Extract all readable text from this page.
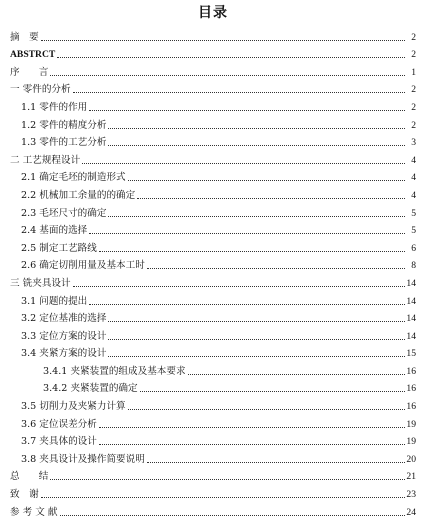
目录
摘　要	2
ABSTRCT	2
序　　言	1
一 零件的分析	2
1.1 零件的作用	2
1.2 零件的精度分析	2
1.3 零件的工艺分析	3
二 工艺规程设计	4
2.1 确定毛坯的制造形式	4
2.2 机械加工余量的的确定	4
2.3 毛坯尺寸的确定	5
2.4 基面的选择	5
2.5 制定工艺路线	6
2.6 确定切削用量及基本工时	8
三 铣夹具设计	14
3.1 问题的提出	14
3.2 定位基准的选择	14
3.3 定位方案的设计	14
3.4 夹紧方案的设计	15
3.4.1 夹紧装置的组成及基本要求	16
3.4.2 夹紧装置的确定	16
3.5 切削力及夹紧力计算	16
3.6 定位误差分析	19
3.7 夹具体的设计	19
3.8 夹具设计及操作简要说明	20
总　　结	21
致　谢	23
参 考 文 献	24
